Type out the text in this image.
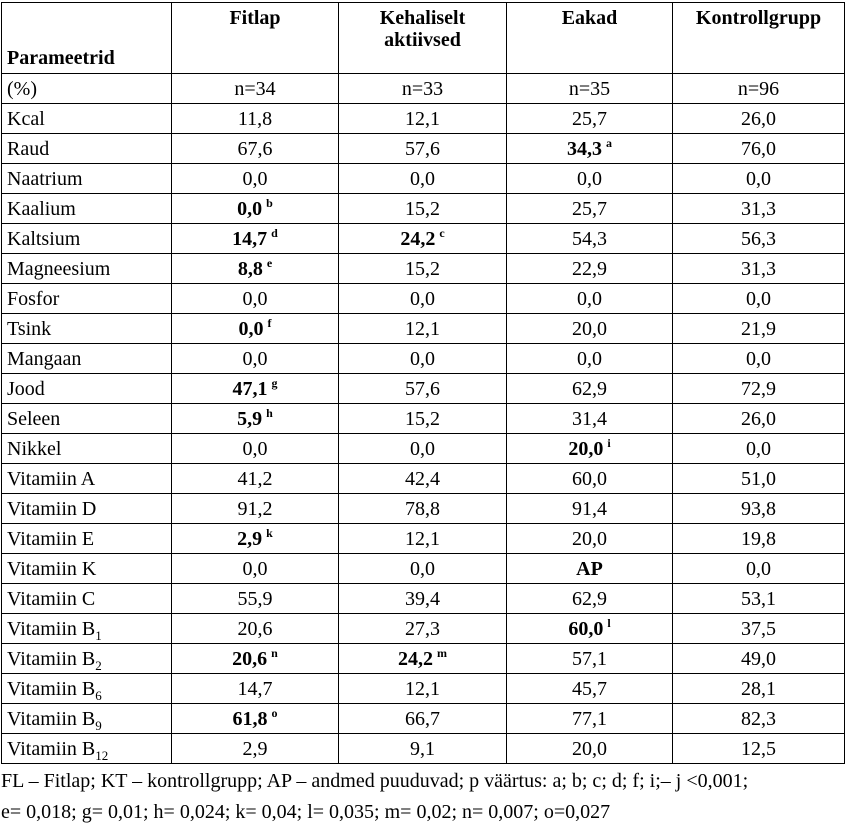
Parameetrid	Fitlap	Kehaliselt aktiivsed	Eakad	Kontrollgrupp
(%)	n=34	n=33	n=35	n=96
Kcal	11,8	12,1	25,7	26,0
Raud	67,6	57,6	34,3 $^a$	76,0
Naatrium	0,0	0,0	0,0	0,0
Kaalium	0,0 $^b$	15,2	25,7	31,3
Kaltsium	14,7 $^d$	24,2 $^c$	54,3	56,3
Magneesium	8,8 $^e$	15,2	22,9	31,3
Fosfor	0,0	0,0	0,0	0,0
Tsink	0,0 $^f$	12,1	20,0	21,9
Mangaan	0,0	0,0	0,0	0,0
Jood	47,1 $^g$	57,6	62,9	72,9
Seleen	5,9 $^h$	15,2	31,4	26,0
Nikkel	0,0	0,0	20,0 $^i$	0,0
Vitamiin A	41,2	42,4	60,0	51,0
Vitamiin D	91,2	78,8	91,4	93,8
Vitamiin E	2,9 $^k$	12,1	20,0	19,8
Vitamiin K	0,0	0,0	AP	0,0
Vitamiin C	55,9	39,4	62,9	53,1
Vitamiin $B_1$	20,6	27,3	60,0 $^l$	37,5
Vitamiin $B_2$	20,6 $^n$	24,2 $^m$	57,1	49,0
Vitamiin $B_6$	14,7	12,1	45,7	28,1
Vitamiin $B_9$	61,8 $^o$	66,7	77,1	82,3
Vitamiin $B_{12}$	2,9	9,1	20,0	12,5
FL – Fitlap; KT – kontrollgrupp; AP – andmed puuduvad; p väärtus: a; b; c; d; f; i;– j <0,001;
e= 0,018; g= 0,01; h= 0,024; k= 0,04; l= 0,035; m= 0,02; n= 0,007; o=0,027
